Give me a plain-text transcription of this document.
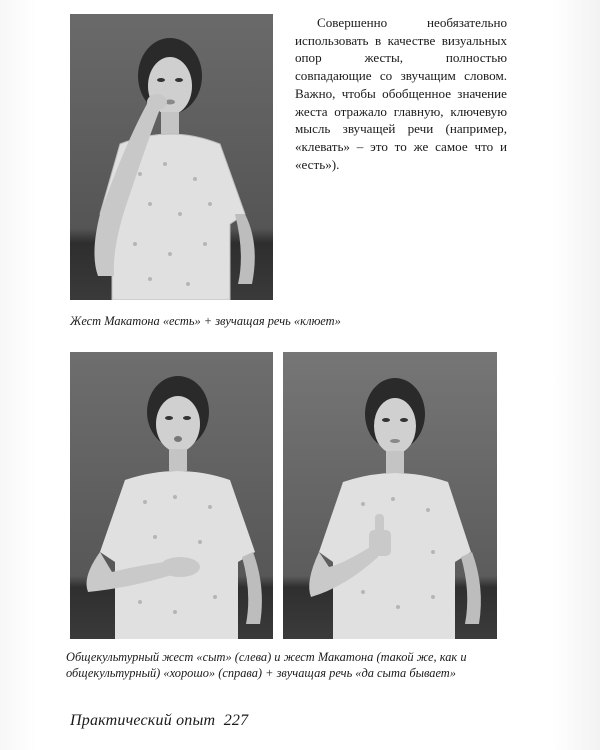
Совершенно необязательно использовать в качестве визуальных опор жесты, полностью совпадающие со звучащим словом. Важно, чтобы обобщенное значение жеста отражало главную, ключевую мысль звучащей речи (например, «клевать» – это то же самое что и «есть»).

Жест Макатона «есть» + звучащая речь «клюет»

Общекультурный жест «сыт» (слева) и жест Макатона (такой же, как и общекультурный) «хорошо» (справа) + звучащая речь «да сыта бывает»

Практический опыт 227
